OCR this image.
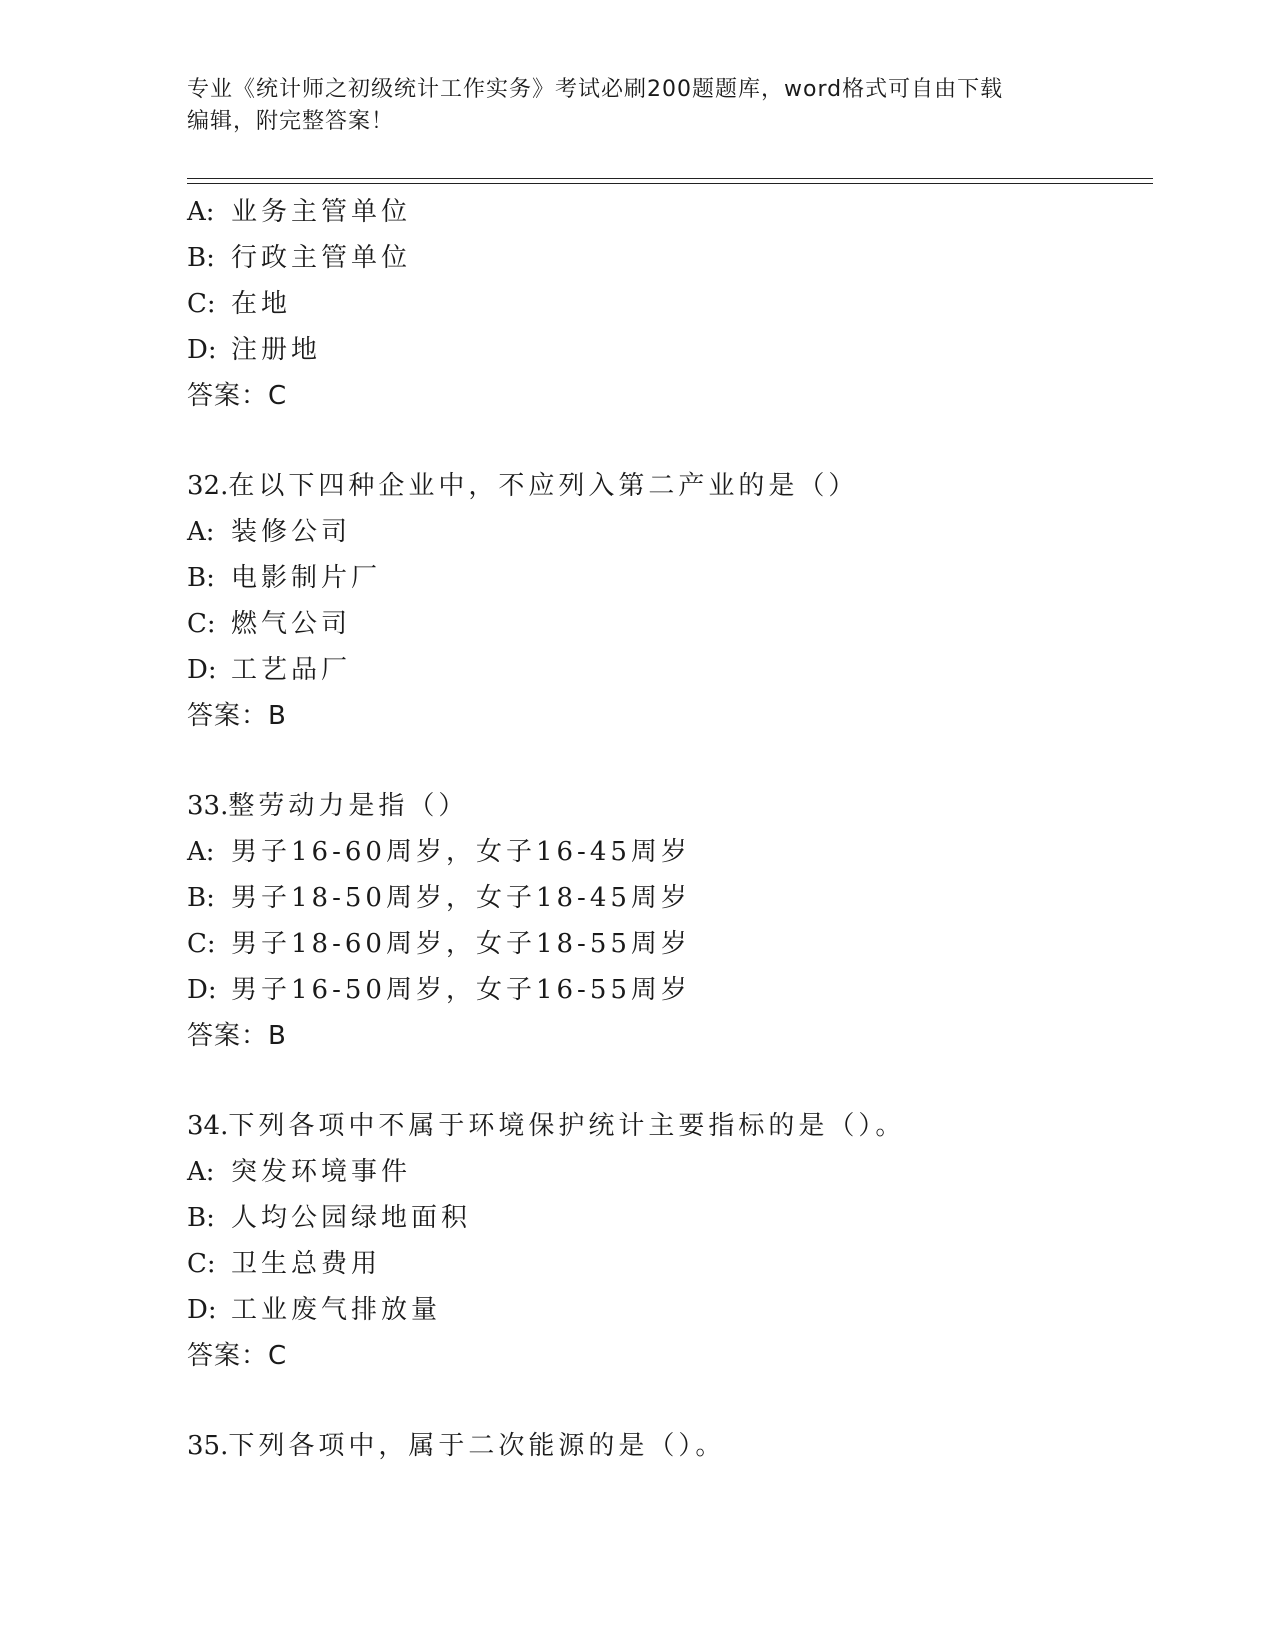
专业《统计师之初级统计工作实务》考试必刷200题题库，word格式可自由下载
编辑，附完整答案！
A: 业务主管单位
B: 行政主管单位
C: 在地
D: 注册地
答案：C
32.在以下四种企业中，不应列入第二产业的是（）
A: 装修公司
B: 电影制片厂
C: 燃气公司
D: 工艺品厂
答案：B
33.整劳动力是指（）
A: 男子16-60周岁，女子16-45周岁
B: 男子18-50周岁，女子18-45周岁
C: 男子18-60周岁，女子18-55周岁
D: 男子16-50周岁，女子16-55周岁
答案：B
34.下列各项中不属于环境保护统计主要指标的是（）。
A: 突发环境事件
B: 人均公园绿地面积
C: 卫生总费用
D: 工业废气排放量
答案：C
35.下列各项中，属于二次能源的是（）。
